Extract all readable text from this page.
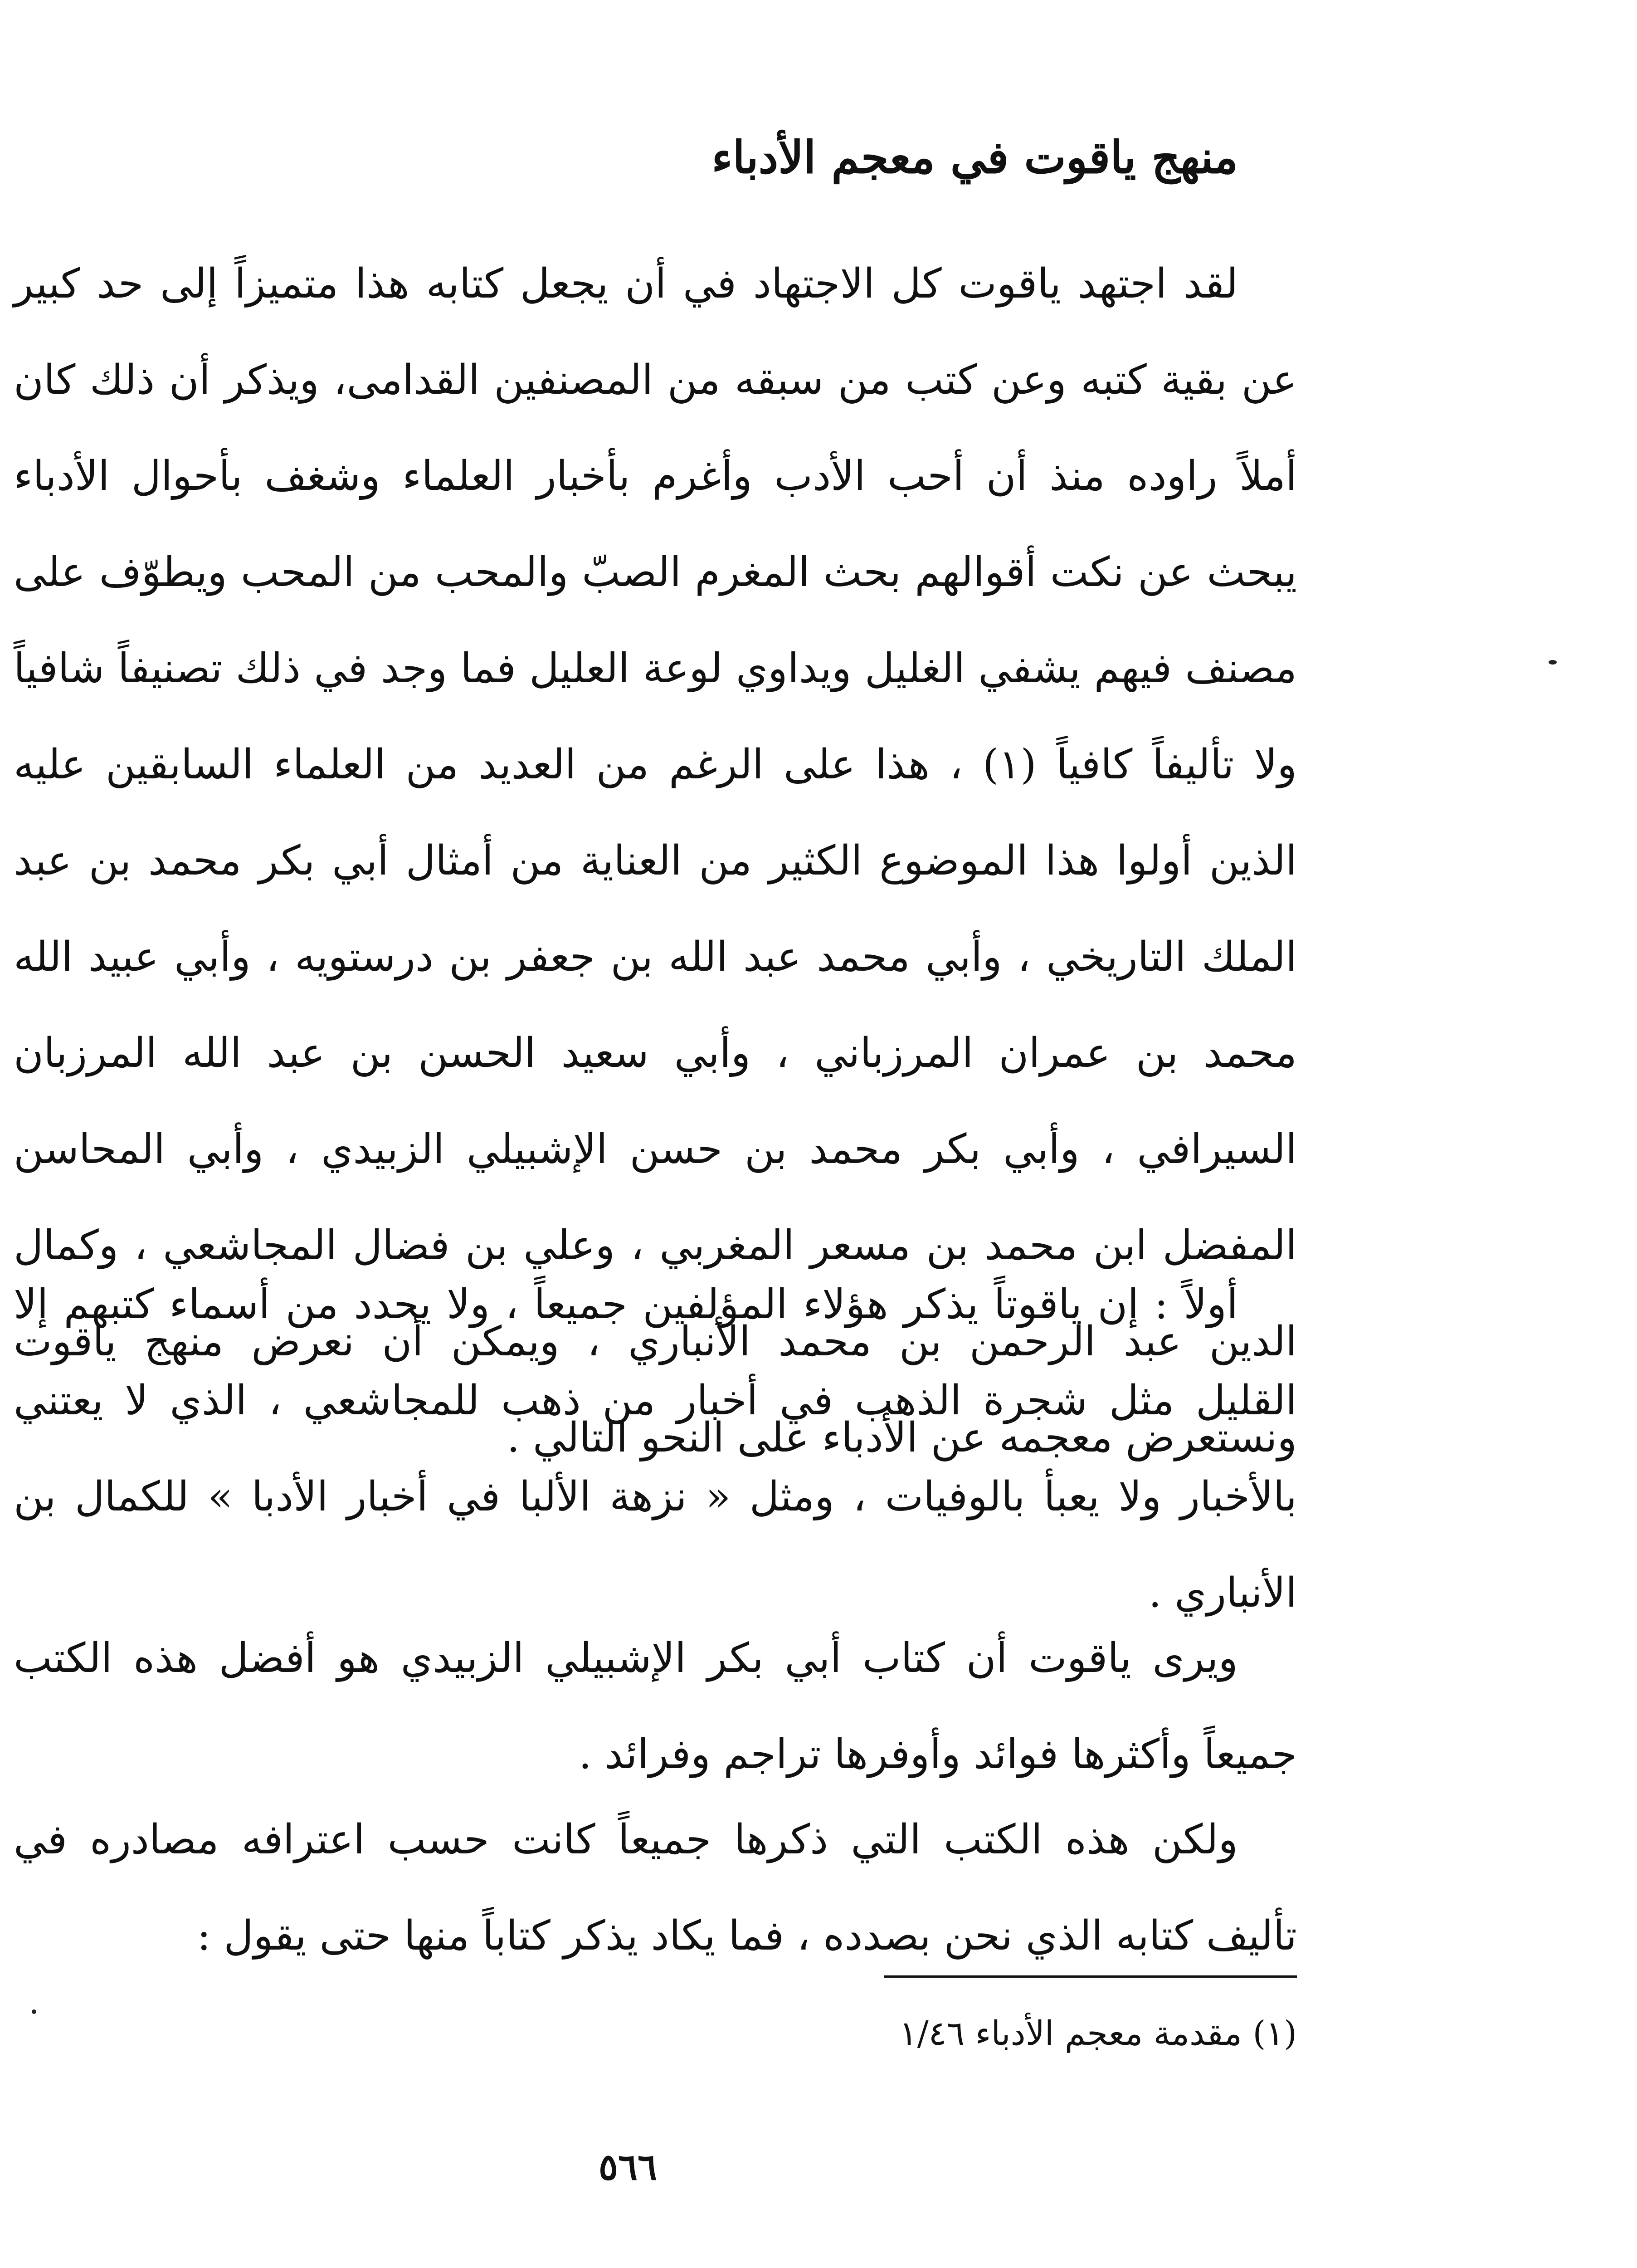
منهج ياقوت في معجم الأدباء
لقد اجتهد ياقوت كل الاجتهاد في أن يجعل كتابه هذا متميزاً إلى حد كبير عن بقية كتبه وعن كتب من سبقه من المصنفين القدامى، ويذكر أن ذلك كان أملاً راوده منذ أن أحب الأدب وأغرم بأخبار العلماء وشغف بأحوال الأدباء يبحث عن نكت أقوالهم بحث المغرم الصبّ والمحب من المحب ويطوّف على مصنف فيهم يشفي الغليل ويداوي لوعة العليل فما وجد في ذلك تصنيفاً شافياً ولا تأليفاً كافياً (١) ، هذا على الرغم من العديد من العلماء السابقين عليه الذين أولوا هذا الموضوع الكثير من العناية من أمثال أبي بكر محمد بن عبد الملك التاريخي ، وأبي محمد عبد الله بن جعفر بن درستويه ، وأبي عبيد الله محمد بن عمران المرزباني ، وأبي سعيد الحسن بن عبد الله المرزبان السيرافي ، وأبي بكر محمد بن حسن الإشبيلي الزبيدي ، وأبي المحاسن المفضل ابن محمد بن مسعر المغربي ، وعلي بن فضال المجاشعي ، وكمال الدين عبد الرحمن بن محمد الأنباري ، ويمكن أن نعرض منهج ياقوت ونستعرض معجمه عن الأدباء على النحو التالي .
أولاً : إن ياقوتاً يذكر هؤلاء المؤلفين جميعاً ، ولا يحدد من أسماء كتبهم إلا القليل مثل شجرة الذهب في أخبار من ذهب للمجاشعي ، الذي لا يعتني بالأخبار ولا يعبأ بالوفيات ، ومثل « نزهة الألبا في أخبار الأدبا » للكمال بن الأنباري .
ويرى ياقوت أن كتاب أبي بكر الإشبيلي الزبيدي هو أفضل هذه الكتب جميعاً وأكثرها فوائد وأوفرها تراجم وفرائد .
ولكن هذه الكتب التي ذكرها جميعاً كانت حسب اعترافه مصادره في تأليف كتابه الذي نحن بصدده ، فما يكاد يذكر كتاباً منها حتى يقول :
(١) مقدمة معجم الأدباء ١/٤٦
٥٦٦
